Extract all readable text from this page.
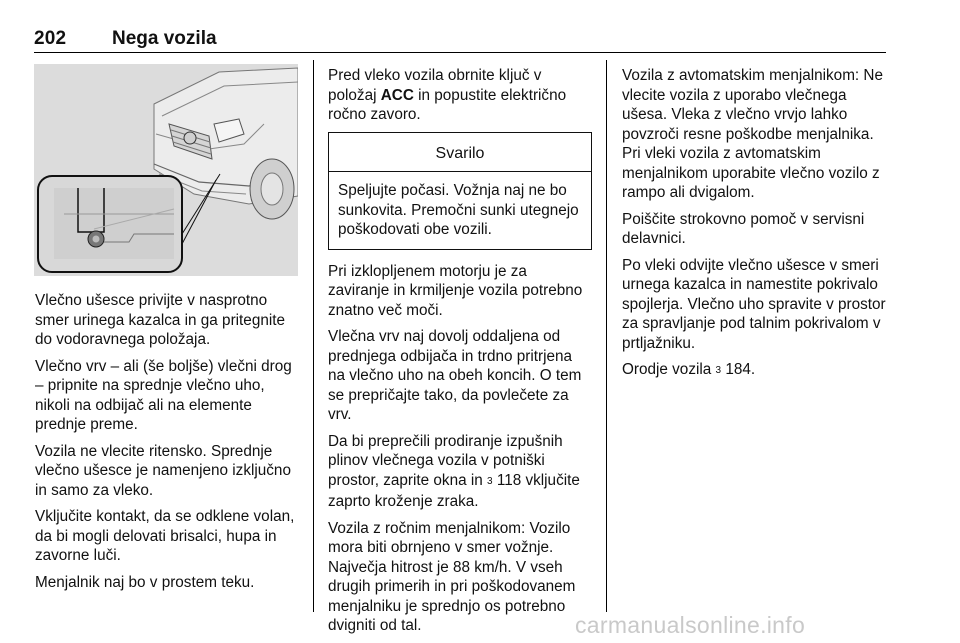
202 Nega vozila

Vlečno ušesce privijte v nasprotno smer urinega kazalca in ga pritegnite do vodoravnega položaja.

Vlečno vrv – ali (še boljše) vlečni drog – pripnite na sprednje vlečno uho, nikoli na odbijač ali na elemente prednje preme.

Vozila ne vlecite ritensko. Sprednje vlečno ušesce je namenjeno izključno in samo za vleko.

Vključite kontakt, da se odklene volan, da bi mogli delovati brisalci, hupa in zavorne luči.

Menjalnik naj bo v prostem teku.

Pred vleko vozila obrnite ključ v položaj ACC in popustite električno ročno zavoro.

Svarilo
Speljujte počasi. Vožnja naj ne bo sunkovita. Premočni sunki utegnejo poškodovati obe vozili.

Pri izklopljenem motorju je za zaviranje in krmiljenje vozila potrebno znatno več moči.

Vlečna vrv naj dovolj oddaljena od prednjega odbijača in trdno pritrjena na vlečno uho na obeh koncih. O tem se prepričajte tako, da povlečete za vrv.

Da bi preprečili prodiranje izpušnih plinov vlečnega vozila v potniški prostor, zaprite okna in 3 118 vključite zaprto kroženje zraka.

Vozila z ročnim menjalnikom: Vozilo mora biti obrnjeno v smer vožnje. Največja hitrost je 88 km/h. V vseh drugih primerih in pri poškodovanem menjalniku je sprednjo os potrebno dvigniti od tal.

Vozila z avtomatskim menjalnikom: Ne vlecite vozila z uporabo vlečnega ušesa. Vleka z vlečno vrvjo lahko povzroči resne poškodbe menjalnika. Pri vleki vozila z avtomatskim menjalnikom uporabite vlečno vozilo z rampo ali dvigalom.

Poiščite strokovno pomoč v servisni delavnici.

Po vleki odvijte vlečno ušesce v smeri urnega kazalca in namestite pokrivalo spojlerja. Vlečno uho spravite v prostor za spravljanje pod talnim pokrivalom v prtljažniku.

Orodje vozila 3 184.

carmanualsonline.info
